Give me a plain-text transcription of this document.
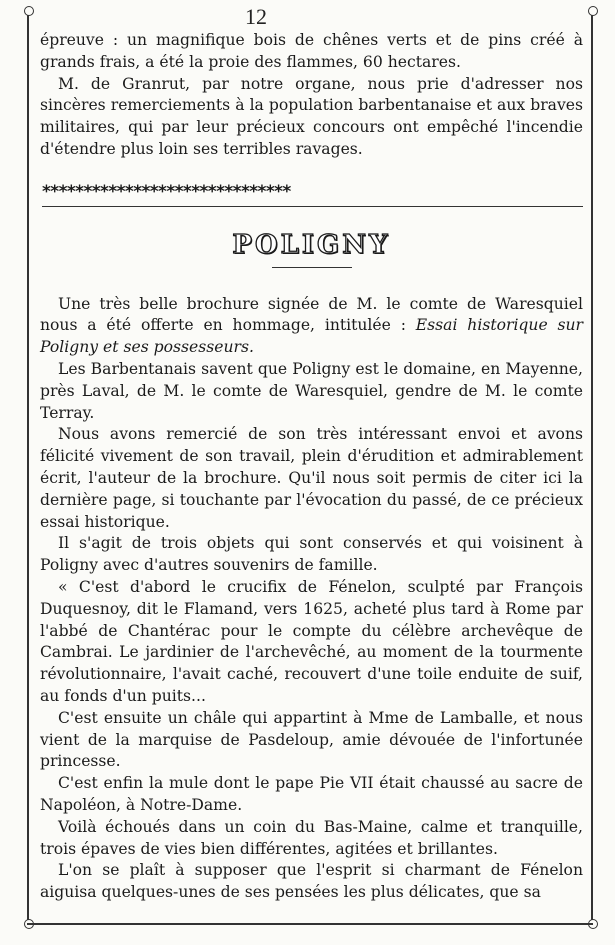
12

épreuve : un magnifique bois de chênes verts et de pins créé à grands frais, a été la proie des flammes, 60 hectares.

M. de Granrut, par notre organe, nous prie d'adresser nos sincères remerciements à la population barbentanaise et aux braves militaires, qui par leur précieux concours ont empêché l'incendie d'étendre plus loin ses terribles ravages.

******************************
POLIGNY

Une très belle brochure signée de M. le comte de Waresquiel nous a été offerte en hommage, intitulée : Essai historique sur Poligny et ses possesseurs.

Les Barbentanais savent que Poligny est le domaine, en Mayenne, près Laval, de M. le comte de Waresquiel, gendre de M. le comte Terray.

Nous avons remercié de son très intéressant envoi et avons félicité vivement de son travail, plein d'érudition et admirablement écrit, l'auteur de la brochure. Qu'il nous soit permis de citer ici la dernière page, si touchante par l'évocation du passé, de ce précieux essai historique.

Il s'agit de trois objets qui sont conservés et qui voisinent à Poligny avec d'autres souvenirs de famille.

« C'est d'abord le crucifix de Fénelon, sculpté par François Duquesnoy, dit le Flamand, vers 1625, acheté plus tard à Rome par l'abbé de Chantérac pour le compte du célèbre archevêque de Cambrai. Le jardinier de l'archevêché, au moment de la tourmente révolutionnaire, l'avait caché, recouvert d'une toile enduite de suif, au fonds d'un puits...

C'est ensuite un châle qui appartint à Mme de Lamballe, et nous vient de la marquise de Pasdeloup, amie dévouée de l'infortunée princesse.

C'est enfin la mule dont le pape Pie VII était chaussé au sacre de Napoléon, à Notre-Dame.

Voilà échoués dans un coin du Bas-Maine, calme et tranquille, trois épaves de vies bien différentes, agitées et brillantes.

L'on se plaît à supposer que l'esprit si charmant de Fénelon aiguisa quelques-unes de ses pensées les plus délicates, que sa
